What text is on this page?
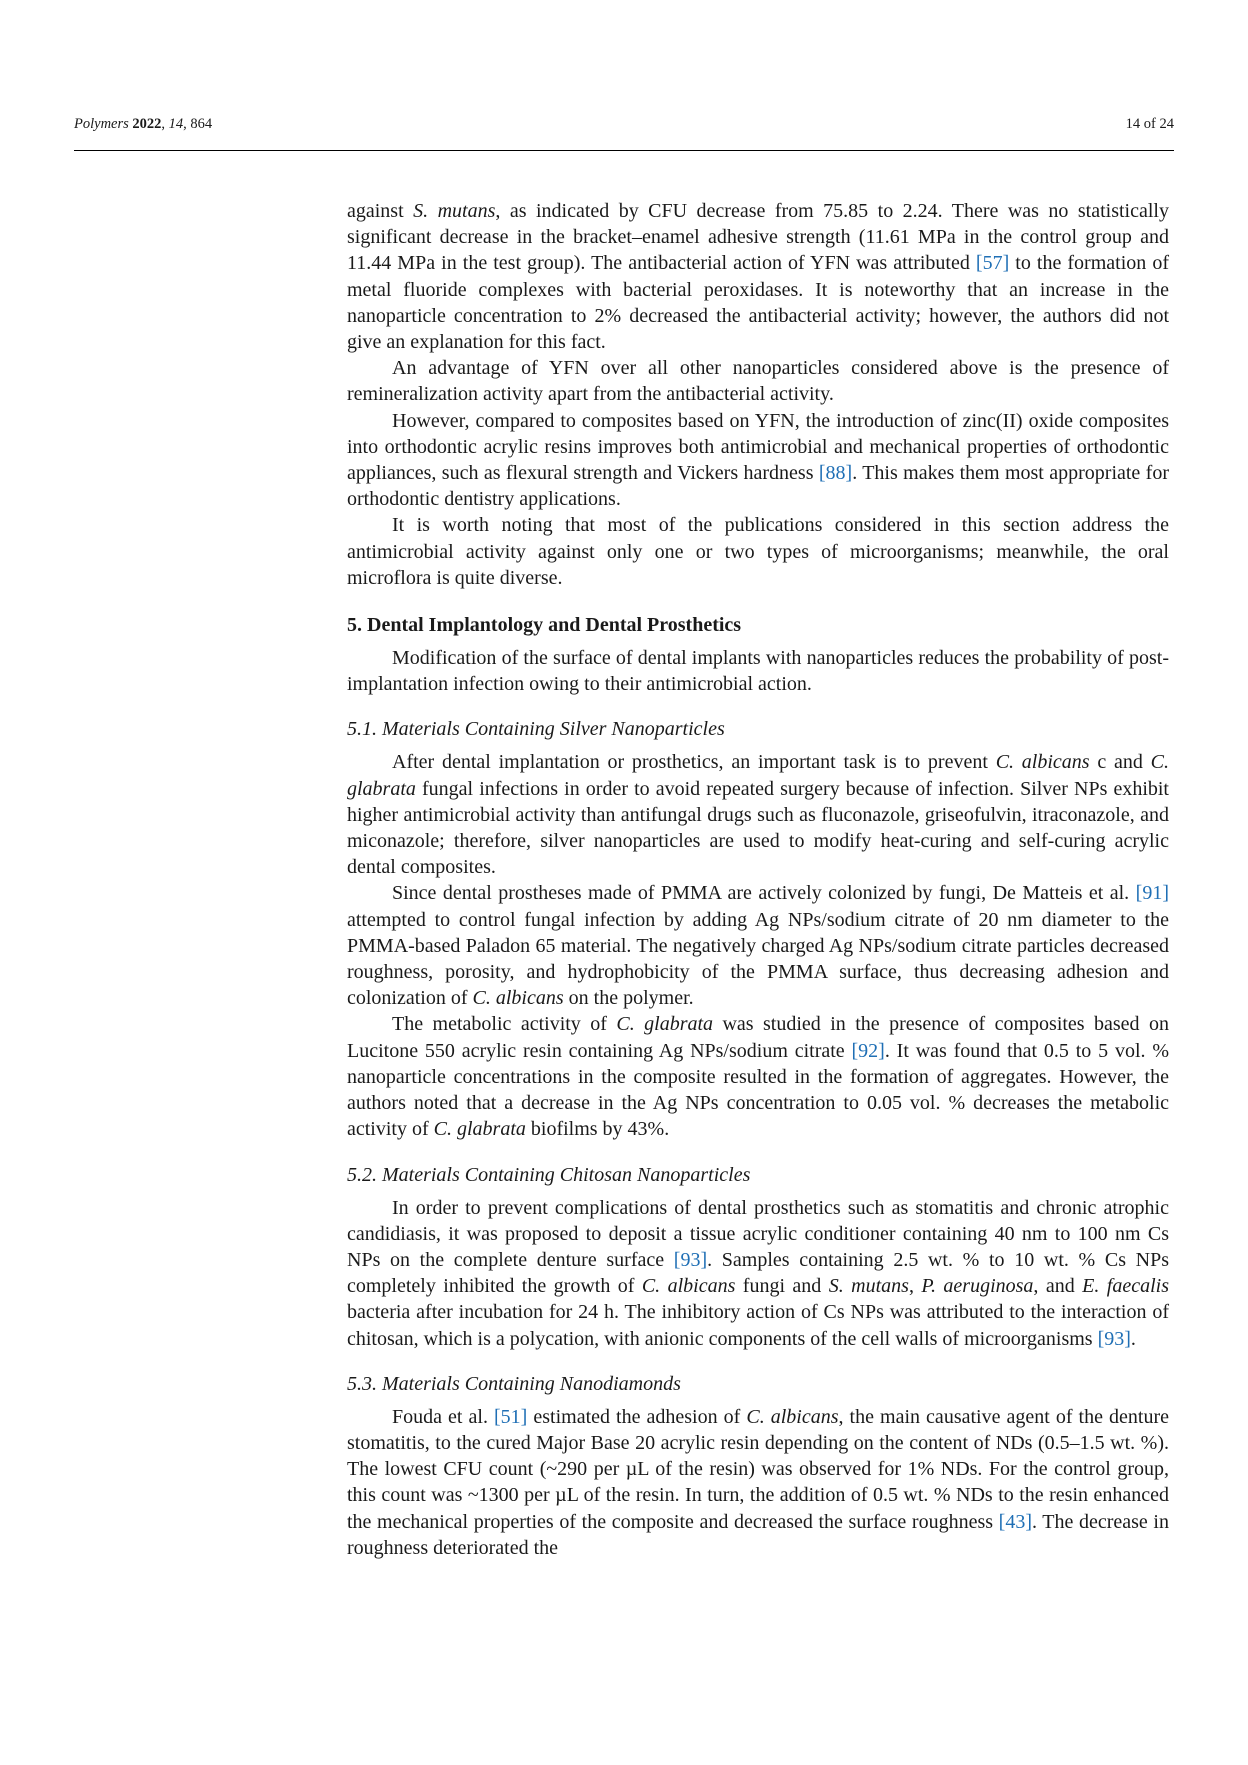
Polymers 2022, 14, 864	14 of 24

against S. mutans, as indicated by CFU decrease from 75.85 to 2.24. There was no statistically significant decrease in the bracket–enamel adhesive strength (11.61 MPa in the control group and 11.44 MPa in the test group). The antibacterial action of YFN was attributed [57] to the formation of metal fluoride complexes with bacterial peroxidases. It is noteworthy that an increase in the nanoparticle concentration to 2% decreased the antibacterial activity; however, the authors did not give an explanation for this fact.

An advantage of YFN over all other nanoparticles considered above is the presence of remineralization activity apart from the antibacterial activity.

However, compared to composites based on YFN, the introduction of zinc(II) oxide composites into orthodontic acrylic resins improves both antimicrobial and mechanical properties of orthodontic appliances, such as flexural strength and Vickers hardness [88]. This makes them most appropriate for orthodontic dentistry applications.

It is worth noting that most of the publications considered in this section address the antimicrobial activity against only one or two types of microorganisms; meanwhile, the oral microflora is quite diverse.

5. Dental Implantology and Dental Prosthetics

Modification of the surface of dental implants with nanoparticles reduces the probability of post-implantation infection owing to their antimicrobial action.

5.1. Materials Containing Silver Nanoparticles

After dental implantation or prosthetics, an important task is to prevent C. albicans c and C. glabrata fungal infections in order to avoid repeated surgery because of infection. Silver NPs exhibit higher antimicrobial activity than antifungal drugs such as fluconazole, griseofulvin, itraconazole, and miconazole; therefore, silver nanoparticles are used to modify heat-curing and self-curing acrylic dental composites.

Since dental prostheses made of PMMA are actively colonized by fungi, De Matteis et al. [91] attempted to control fungal infection by adding Ag NPs/sodium citrate of 20 nm diameter to the PMMA-based Paladon 65 material. The negatively charged Ag NPs/sodium citrate particles decreased roughness, porosity, and hydrophobicity of the PMMA surface, thus decreasing adhesion and colonization of C. albicans on the polymer.

The metabolic activity of C. glabrata was studied in the presence of composites based on Lucitone 550 acrylic resin containing Ag NPs/sodium citrate [92]. It was found that 0.5 to 5 vol. % nanoparticle concentrations in the composite resulted in the formation of aggregates. However, the authors noted that a decrease in the Ag NPs concentration to 0.05 vol. % decreases the metabolic activity of C. glabrata biofilms by 43%.

5.2. Materials Containing Chitosan Nanoparticles

In order to prevent complications of dental prosthetics such as stomatitis and chronic atrophic candidiasis, it was proposed to deposit a tissue acrylic conditioner containing 40 nm to 100 nm Cs NPs on the complete denture surface [93]. Samples containing 2.5 wt. % to 10 wt. % Cs NPs completely inhibited the growth of C. albicans fungi and S. mutans, P. aeruginosa, and E. faecalis bacteria after incubation for 24 h. The inhibitory action of Cs NPs was attributed to the interaction of chitosan, which is a polycation, with anionic components of the cell walls of microorganisms [93].

5.3. Materials Containing Nanodiamonds

Fouda et al. [51] estimated the adhesion of C. albicans, the main causative agent of the denture stomatitis, to the cured Major Base 20 acrylic resin depending on the content of NDs (0.5–1.5 wt. %). The lowest CFU count (~290 per µL of the resin) was observed for 1% NDs. For the control group, this count was ~1300 per µL of the resin. In turn, the addition of 0.5 wt. % NDs to the resin enhanced the mechanical properties of the composite and decreased the surface roughness [43]. The decrease in roughness deteriorated the
